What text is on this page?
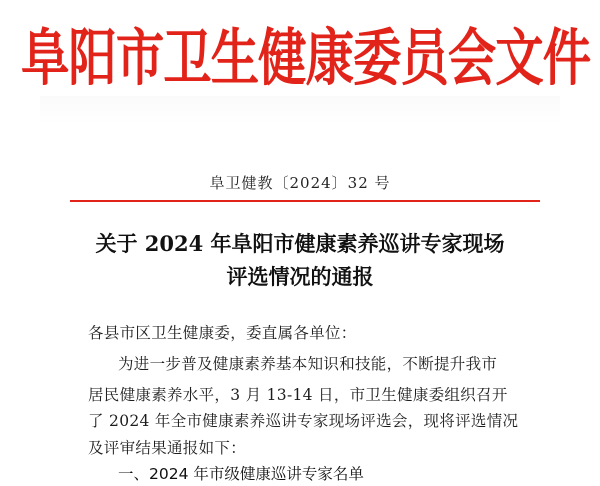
阜阳市卫生健康委员会文件
阜卫健教〔2024〕32 号
关于 2024 年阜阳市健康素养巡讲专家现场
评选情况的通报
各县市区卫生健康委，委直属各单位：
为进一步普及健康素养基本知识和技能，不断提升我市
居民健康素养水平，3 月 13-14 日，市卫生健康委组织召开
了 2024 年全市健康素养巡讲专家现场评选会，现将评选情况
及评审结果通报如下：
一、2024 年市级健康巡讲专家名单
